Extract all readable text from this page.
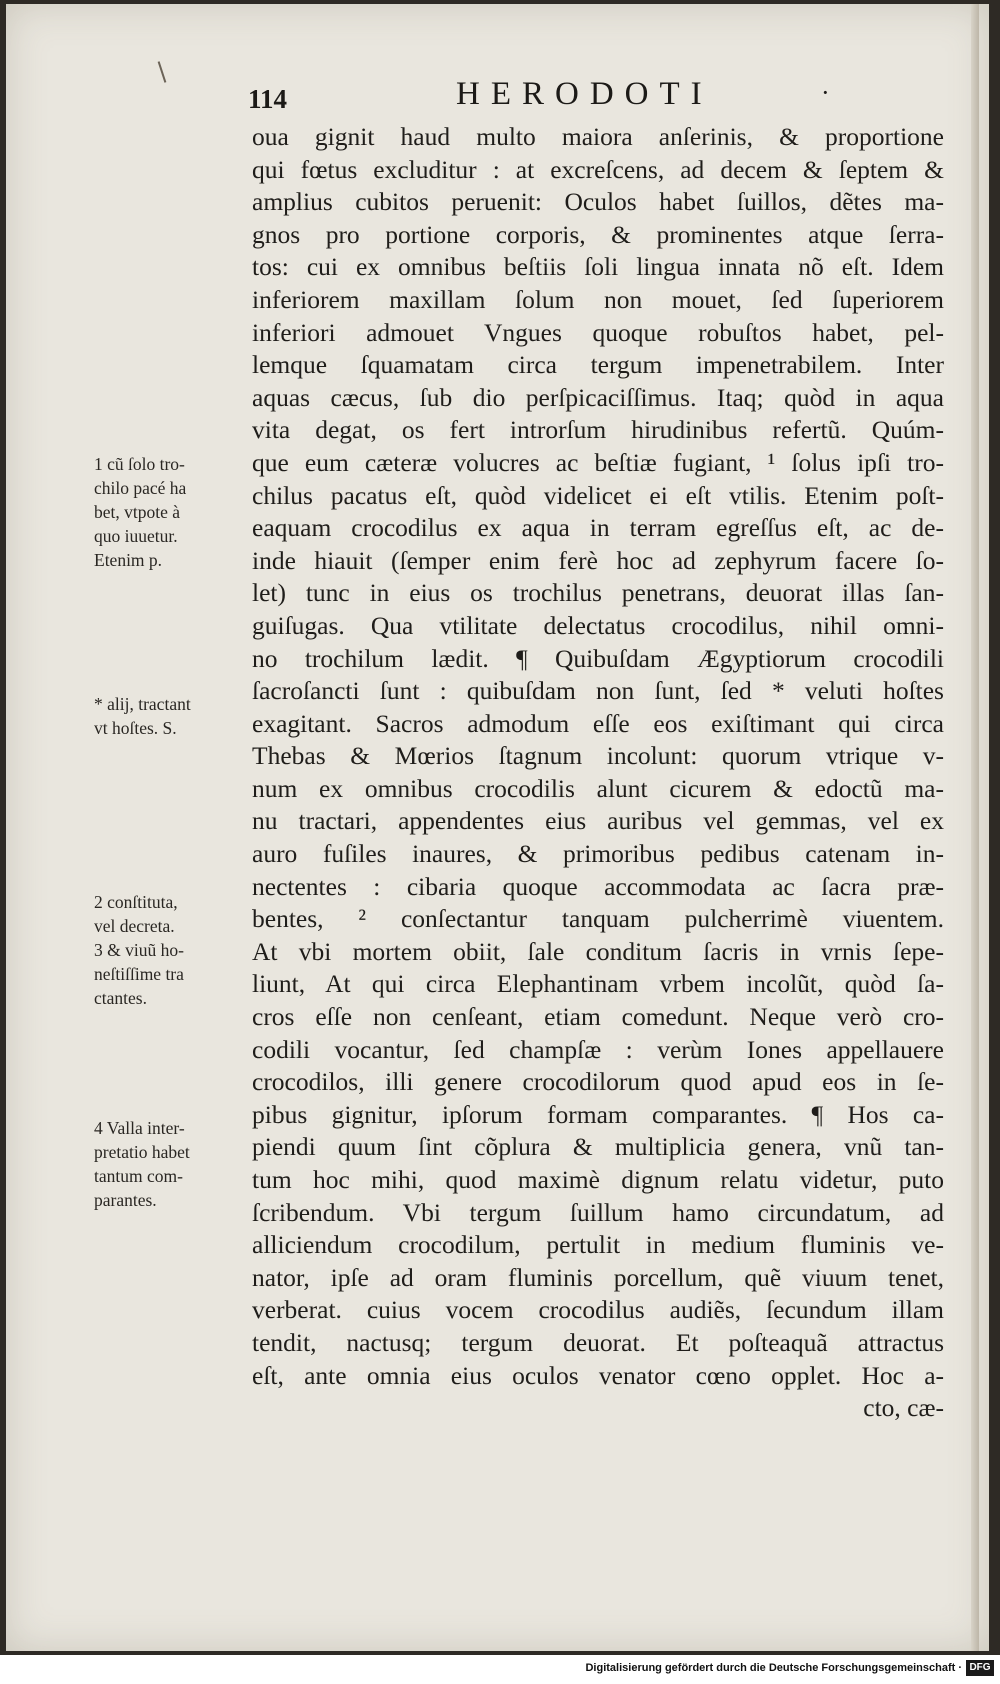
114	HERODOTI	·
oua gignit haud multo maiora anſerinis, & proportione
qui fœtus excluditur : at excreſcens, ad decem & ſeptem &
amplius cubitos peruenit: Oculos habet ſuillos, dẽtes ma-
gnos pro portione corporis, & prominentes atque ſerra-
tos: cui ex omnibus beſtiis ſoli lingua innata nõ eſt. Idem
inferiorem maxillam ſolum non mouet, ſed ſuperiorem
inferiori admouet Vngues quoque robuſtos habet, pel-
lemque ſquamatam circa tergum impenetrabilem. Inter
aquas cæcus, ſub dio perſpicaciſſimus. Itaq; quòd in aqua
vita degat, os fert introrſum hirudinibus refertũ. Quúm-
que eum cæteræ volucres ac beſtiæ fugiant, ¹ ſolus ipſi tro-
chilus pacatus eſt, quòd videlicet ei eſt vtilis. Etenim poſt-
eaquam crocodilus ex aqua in terram egreſſus eſt, ac de-
inde hiauit (ſemper enim ferè hoc ad zephyrum facere ſo-
let) tunc in eius os trochilus penetrans, deuorat illas ſan-
guiſugas. Qua vtilitate delectatus crocodilus, nihil omni-
no trochilum lædit. ¶ Quibuſdam Ægyptiorum crocodili
ſacroſancti ſunt : quibuſdam non ſunt, ſed * veluti hoſtes
exagitant. Sacros admodum eſſe eos exiſtimant qui circa
Thebas & Mœrios ſtagnum incolunt: quorum vtrique v-
num ex omnibus crocodilis alunt cicurem & edoctũ ma-
nu tractari, appendentes eius auribus vel gemmas, vel ex
auro fuſiles inaures, & primoribus pedibus catenam in-
nectentes : cibaria quoque accommodata ac ſacra præ-
bentes, ² conſectantur tanquam pulcherrimè viuentem.
At vbi mortem obiit, ſale conditum ſacris in vrnis ſepe-
liunt, At qui circa Elephantinam vrbem incolũt, quòd ſa-
cros eſſe non cenſeant, etiam comedunt. Neque verò cro-
codili vocantur, ſed champſæ : verùm Iones appellauere
crocodilos, illi genere crocodilorum quod apud eos in ſe-
pibus gignitur, ipſorum formam comparantes. ¶ Hos ca-
piendi quum ſint cõplura & multiplicia genera, vnũ tan-
tum hoc mihi, quod maximè dignum relatu videtur, puto
ſcribendum. Vbi tergum ſuillum hamo circundatum, ad
alliciendum crocodilum, pertulit in medium fluminis ve-
nator, ipſe ad oram fluminis porcellum, quẽ viuum tenet,
verberat. cuius vocem crocodilus audiẽs, ſecundum illam
tendit, nactusq; tergum deuorat. Et poſteaquã attractus
eſt, ante omnia eius oculos venator cœno opplet. Hoc a-
cto, cæ-
1 cũ ſolo tro-
chilo pacé ha
bet, vtpote à
quo iuuetur.
Etenim p.
* alij, tractant
vt hoſtes. S.
2 conſtituta,
vel decreta.
3 & viuũ ho-
neſtiſſime tra
ctantes.
4 Valla inter-
pretatio habet
tantum com-
parantes.
Digitalisierung gefördert durch die Deutsche Forschungsgemeinschaft · DFG
